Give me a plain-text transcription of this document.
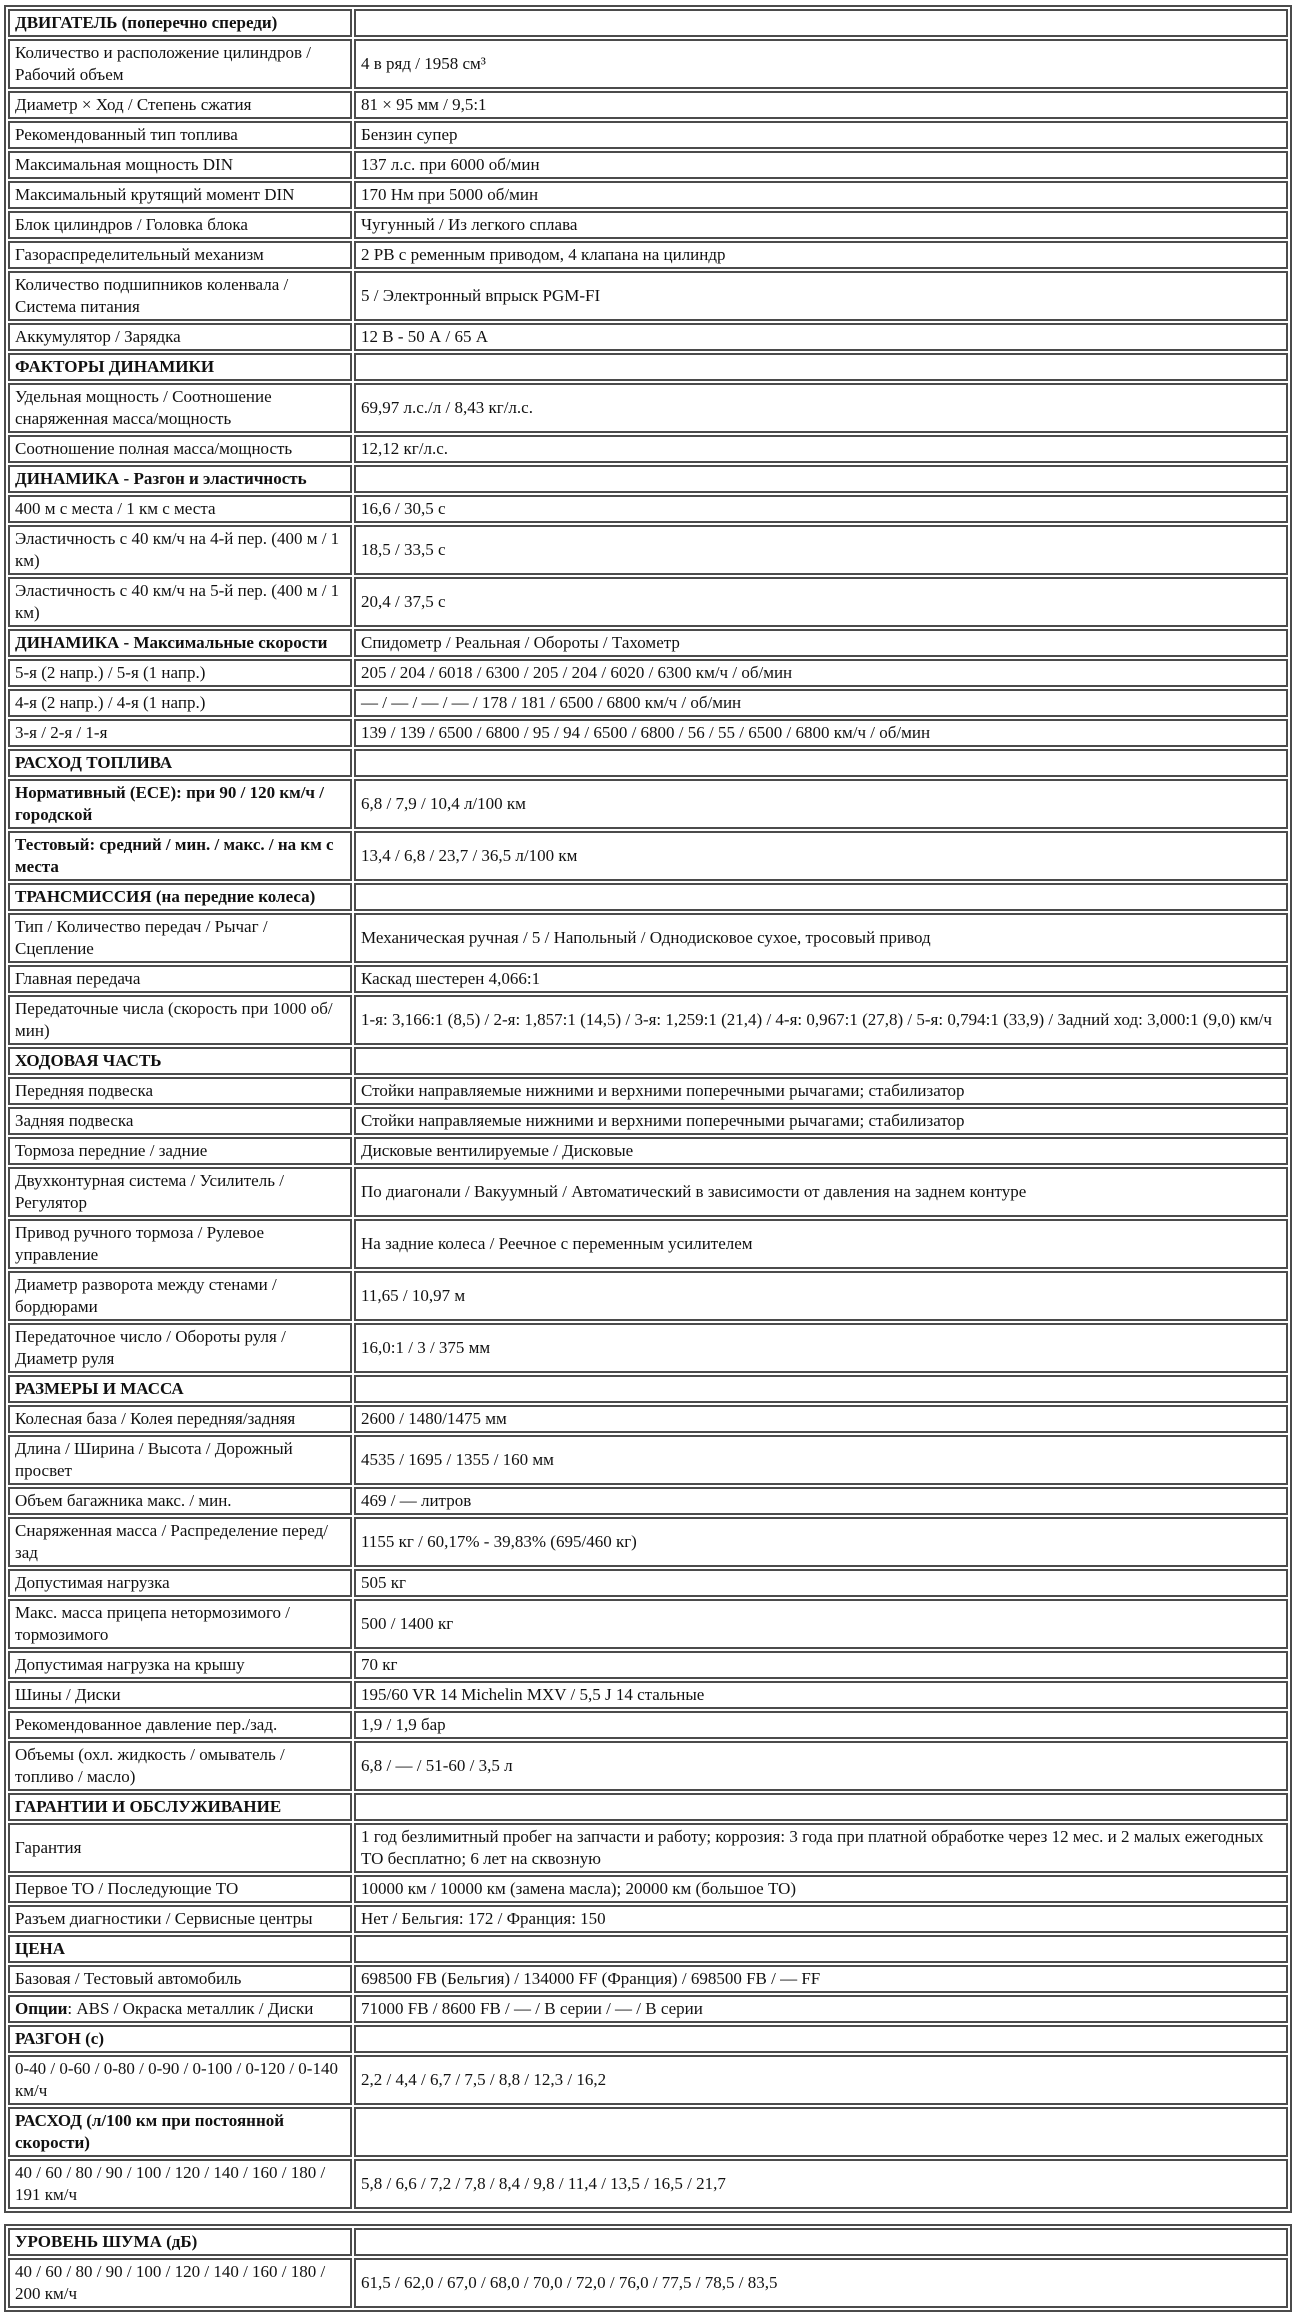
ДВИГАТЕЛЬ (поперечно спереди)	
Количество и расположение цилиндров / Рабочий объем	4 в ряд / 1958 см³
Диаметр × Ход / Степень сжатия	81 × 95 мм / 9,5:1
Рекомендованный тип топлива	Бензин супер
Максимальная мощность DIN	137 л.с. при 6000 об/мин
Максимальный крутящий момент DIN	170 Нм при 5000 об/мин
Блок цилиндров / Головка блока	Чугунный / Из легкого сплава
Газораспределительный механизм	2 РВ с ременным приводом, 4 клапана на цилиндр
Количество подшипников коленвала / Система питания	5 / Электронный впрыск PGM-FI
Аккумулятор / Зарядка	12 В - 50 А / 65 А
ФАКТОРЫ ДИНАМИКИ	
Удельная мощность / Соотношение снаряженная масса/мощность	69,97 л.с./л / 8,43 кг/л.с.
Соотношение полная масса/мощность	12,12 кг/л.с.
ДИНАМИКА - Разгон и эластичность	
400 м с места / 1 км с места	16,6 / 30,5 с
Эластичность с 40 км/ч на 4-й пер. (400 м / 1 км)	18,5 / 33,5 с
Эластичность с 40 км/ч на 5-й пер. (400 м / 1 км)	20,4 / 37,5 с
ДИНАМИКА - Максимальные скорости	Спидометр / Реальная / Обороты / Тахометр
5-я (2 напр.) / 5-я (1 напр.)	205 / 204 / 6018 / 6300 / 205 / 204 / 6020 / 6300 км/ч / об/мин
4-я (2 напр.) / 4-я (1 напр.)	— / — / — / — / 178 / 181 / 6500 / 6800 км/ч / об/мин
3-я / 2-я / 1-я	139 / 139 / 6500 / 6800 / 95 / 94 / 6500 / 6800 / 56 / 55 / 6500 / 6800 км/ч / об/мин
РАСХОД ТОПЛИВА	
Нормативный (ЕСЕ): при 90 / 120 км/ч / городской	6,8 / 7,9 / 10,4 л/100 км
Тестовый: средний / мин. / макс. / на км с места	13,4 / 6,8 / 23,7 / 36,5 л/100 км
ТРАНСМИССИЯ (на передние колеса)	
Тип / Количество передач / Рычаг / Сцепление	Механическая ручная / 5 / Напольный / Однодисковое сухое, тросовый привод
Главная передача	Каскад шестерен 4,066:1
Передаточные числа (скорость при 1000 об/мин)	1-я: 3,166:1 (8,5) / 2-я: 1,857:1 (14,5) / 3-я: 1,259:1 (21,4) / 4-я: 0,967:1 (27,8) / 5-я: 0,794:1 (33,9) / Задний ход: 3,000:1 (9,0) км/ч
ХОДОВАЯ ЧАСТЬ	
Передняя подвеска	Стойки направляемые нижними и верхними поперечными рычагами; стабилизатор
Задняя подвеска	Стойки направляемые нижними и верхними поперечными рычагами; стабилизатор
Тормоза передние / задние	Дисковые вентилируемые / Дисковые
Двухконтурная система / Усилитель / Регулятор	По диагонали / Вакуумный / Автоматический в зависимости от давления на заднем контуре
Привод ручного тормоза / Рулевое управление	На задние колеса / Реечное с переменным усилителем
Диаметр разворота между стенами / бордюрами	11,65 / 10,97 м
Передаточное число / Обороты руля / Диаметр руля	16,0:1 / 3 / 375 мм
РАЗМЕРЫ И МАССА	
Колесная база / Колея передняя/задняя	2600 / 1480/1475 мм
Длина / Ширина / Высота / Дорожный просвет	4535 / 1695 / 1355 / 160 мм
Объем багажника макс. / мин.	469 / — литров
Снаряженная масса / Распределение перед/зад	1155 кг / 60,17% - 39,83% (695/460 кг)
Допустимая нагрузка	505 кг
Макс. масса прицепа нетормозимого / тормозимого	500 / 1400 кг
Допустимая нагрузка на крышу	70 кг
Шины / Диски	195/60 VR 14 Michelin MXV / 5,5 J 14 стальные
Рекомендованное давление пер./зад.	1,9 / 1,9 бар
Объемы (охл. жидкость / омыватель / топливо / масло)	6,8 / — / 51-60 / 3,5 л
ГАРАНТИИ И ОБСЛУЖИВАНИЕ	
Гарантия	1 год безлимитный пробег на запчасти и работу; коррозия: 3 года при платной обработке через 12 мес. и 2 малых ежегодных ТО бесплатно; 6 лет на сквозную
Первое ТО / Последующие ТО	10000 км / 10000 км (замена масла); 20000 км (большое ТО)
Разъем диагностики / Сервисные центры	Нет / Бельгия: 172 / Франция: 150
ЦЕНА	
Базовая / Тестовый автомобиль	698500 FB (Бельгия) / 134000 FF (Франция) / 698500 FB / — FF
Опции: ABS / Окраска металлик / Диски	71000 FB / 8600 FB / — / В серии / — / В серии
РАЗГОН (с)	
0-40 / 0-60 / 0-80 / 0-90 / 0-100 / 0-120 / 0-140 км/ч	2,2 / 4,4 / 6,7 / 7,5 / 8,8 / 12,3 / 16,2
РАСХОД (л/100 км при постоянной скорости)	
40 / 60 / 80 / 90 / 100 / 120 / 140 / 160 / 180 / 191 км/ч	5,8 / 6,6 / 7,2 / 7,8 / 8,4 / 9,8 / 11,4 / 13,5 / 16,5 / 21,7
УРОВЕНЬ ШУМА (дБ)	
40 / 60 / 80 / 90 / 100 / 120 / 140 / 160 / 180 / 200 км/ч	61,5 / 62,0 / 67,0 / 68,0 / 70,0 / 72,0 / 76,0 / 77,5 / 78,5 / 83,5
